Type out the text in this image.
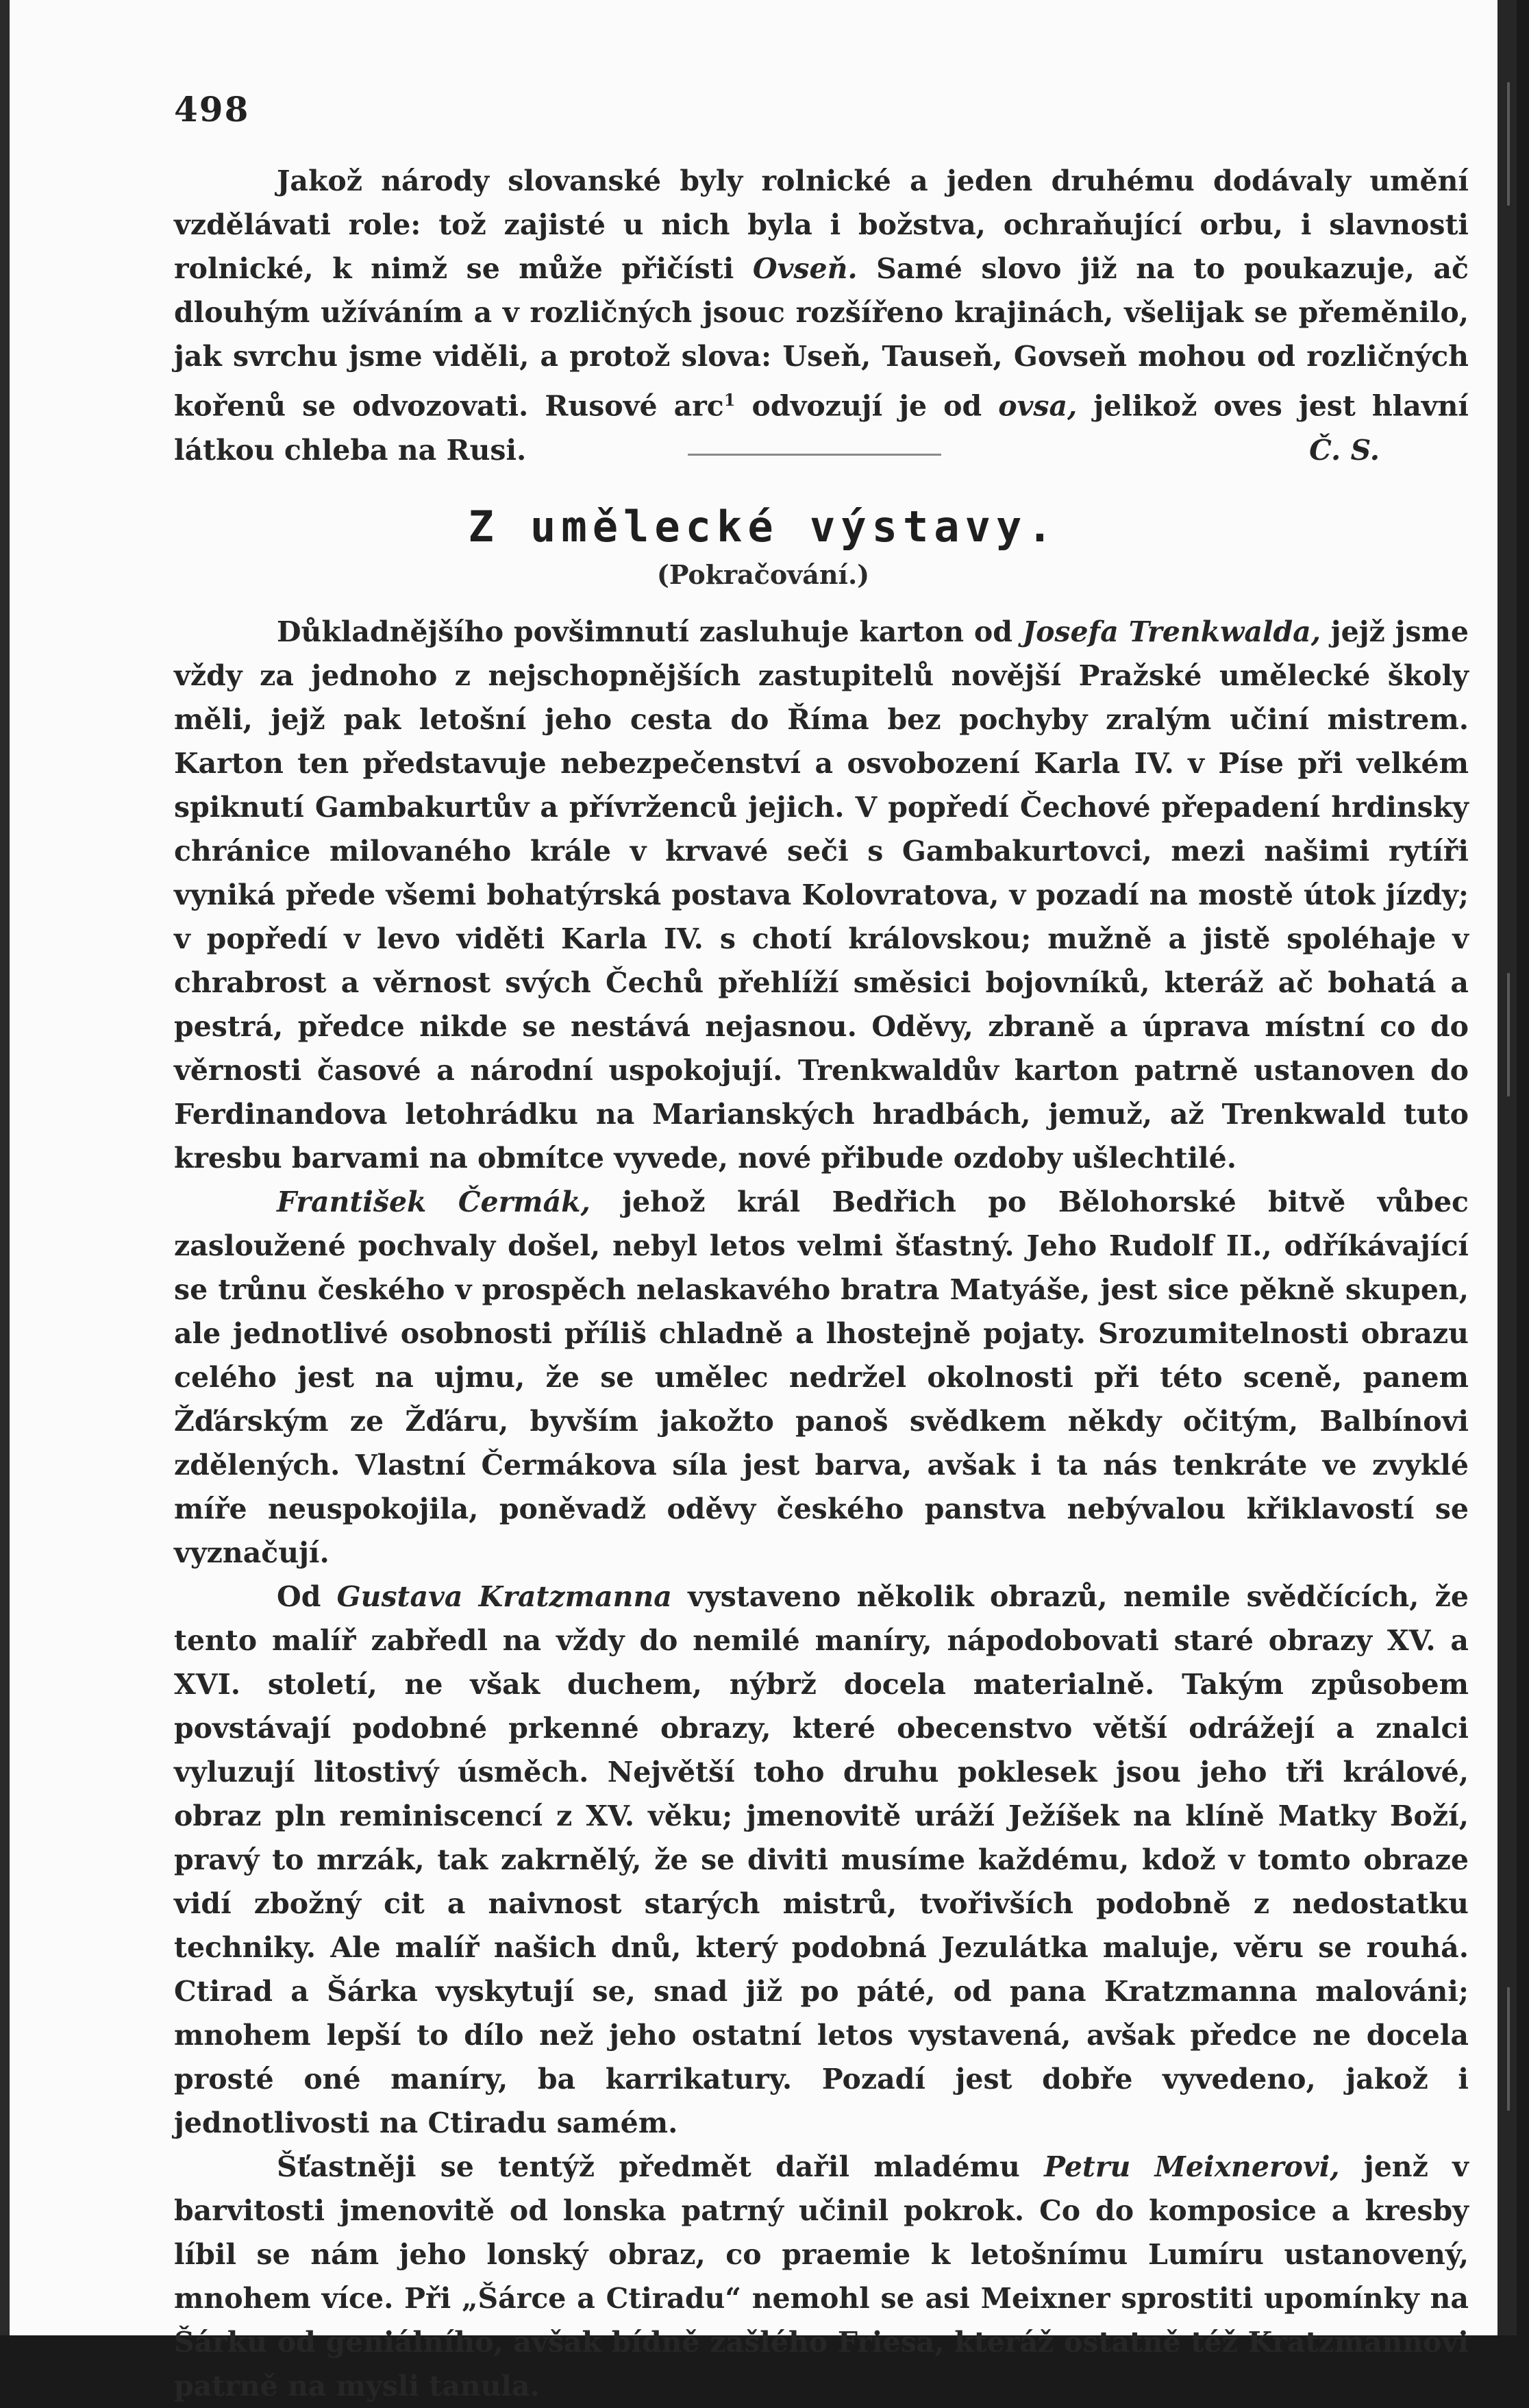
498

Jakož národy slovanské byly rolnické a jeden druhému dodávaly umění vzdělávati role: tož zajisté u nich byla i božstva, ochraňující orbu, i slavnosti rolnické, k nimž se může přičísti Ovseň. Samé slovo již na to poukazuje, ač dlouhým užíváním a v rozličných jsouc rozšířeno krajinách, všelijak se přeměnilo, jak svrchu jsme viděli, a protož slova: Useň, Tauseň, Govseň mohou od rozličných kořenů se odvozovati. Rusové arc$^1$ odvozují je od ovsa, jelikož oves jest hlavní látkou chleba na Rusi.	Č. S.

Z umělecké výstavy.
(Pokračování.)

Důkladnějšího povšimnutí zasluhuje karton od Josefa Trenkwalda, jejž jsme vždy za jednoho z nejschopnějších zastupitelů novější Pražské umělecké školy měli, jejž pak letošní jeho cesta do Říma bez pochyby zralým učiní mistrem. Karton ten představuje nebezpečenství a osvobození Karla IV. v Píse při velkém spiknutí Gambakurtův a přívrženců jejich. V popředí Čechové přepadení hrdinsky chránice milovaného krále v krvavé seči s Gambakurtovci, mezi našimi rytíři vyniká přede všemi bohatýrská postava Kolovratova, v pozadí na mostě útok jízdy; v popředí v levo viděti Karla IV. s chotí královskou; mužně a jistě spoléhaje v chrabrost a věrnost svých Čechů přehlíží směsici bojovníků, kteráž ač bohatá a pestrá, předce nikde se nestává nejasnou. Oděvy, zbraně a úprava místní co do věrnosti časové a národní uspokojují. Trenkwaldův karton patrně ustanoven do Ferdinandova letohrádku na Marianských hradbách, jemuž, až Trenkwald tuto kresbu barvami na obmítce vyvede, nové přibude ozdoby ušlechtilé.

František Čermák, jehož král Bedřich po Bělohorské bitvě vůbec zasloužené pochvaly došel, nebyl letos velmi šťastný. Jeho Rudolf II., odříkávající se trůnu českého v prospěch nelaskavého bratra Matyáše, jest sice pěkně skupen, ale jednotlivé osobnosti příliš chladně a lhostejně pojaty. Srozumitelnosti obrazu celého jest na ujmu, že se umělec nedržel okolnosti při této sceně, panem Žďárským ze Žďáru, byvším jakožto panoš svědkem někdy očitým, Balbínovi zdělených. Vlastní Čermákova síla jest barva, avšak i ta nás tenkráte ve zvyklé míře neuspokojila, poněvadž oděvy českého panstva nebývalou křiklavostí se vyznačují.

Od Gustava Kratzmanna vystaveno několik obrazů, nemile svědčících, že tento malíř zabředl na vždy do nemilé maníry, nápodobovati staré obrazy XV. a XVI. století, ne však duchem, nýbrž docela materialně. Takým způsobem povstávají podobné prkenné obrazy, které obecenstvo větší odrážejí a znalci vyluzují litostivý úsměch. Největší toho druhu poklesek jsou jeho tři králové, obraz pln reminiscencí z XV. věku; jmenovitě uráží Ježíšek na klíně Matky Boží, pravý to mrzák, tak zakrnělý, že se diviti musíme každému, kdož v tomto obraze vidí zbožný cit a naivnost starých mistrů, tvořivších podobně z nedostatku techniky. Ale malíř našich dnů, který podobná Jezulátka maluje, věru se rouhá. Ctirad a Šárka vyskytují se, snad již po páté, od pana Kratzmanna malováni; mnohem lepší to dílo než jeho ostatní letos vystavená, avšak předce ne docela prosté oné maníry, ba karrikatury. Pozadí jest dobře vyvedeno, jakož i jednotlivosti na Ctiradu samém.

Šťastněji se tentýž předmět dařil mladému Petru Meixnerovi, jenž v barvitosti jmenovitě od lonska patrný učinil pokrok. Co do komposice a kresby líbil se nám jeho lonský obraz, co praemie k letošnímu Lumíru ustanovený, mnohem více. Při „Šárce a Ctiradu“ nemohl se asi Meixner sprostiti upomínky na Šárku od geniálního, avšak bídně zašlého Friesa, kteráž ostatně též Kratzmannovi patrně na mysli tanula.
